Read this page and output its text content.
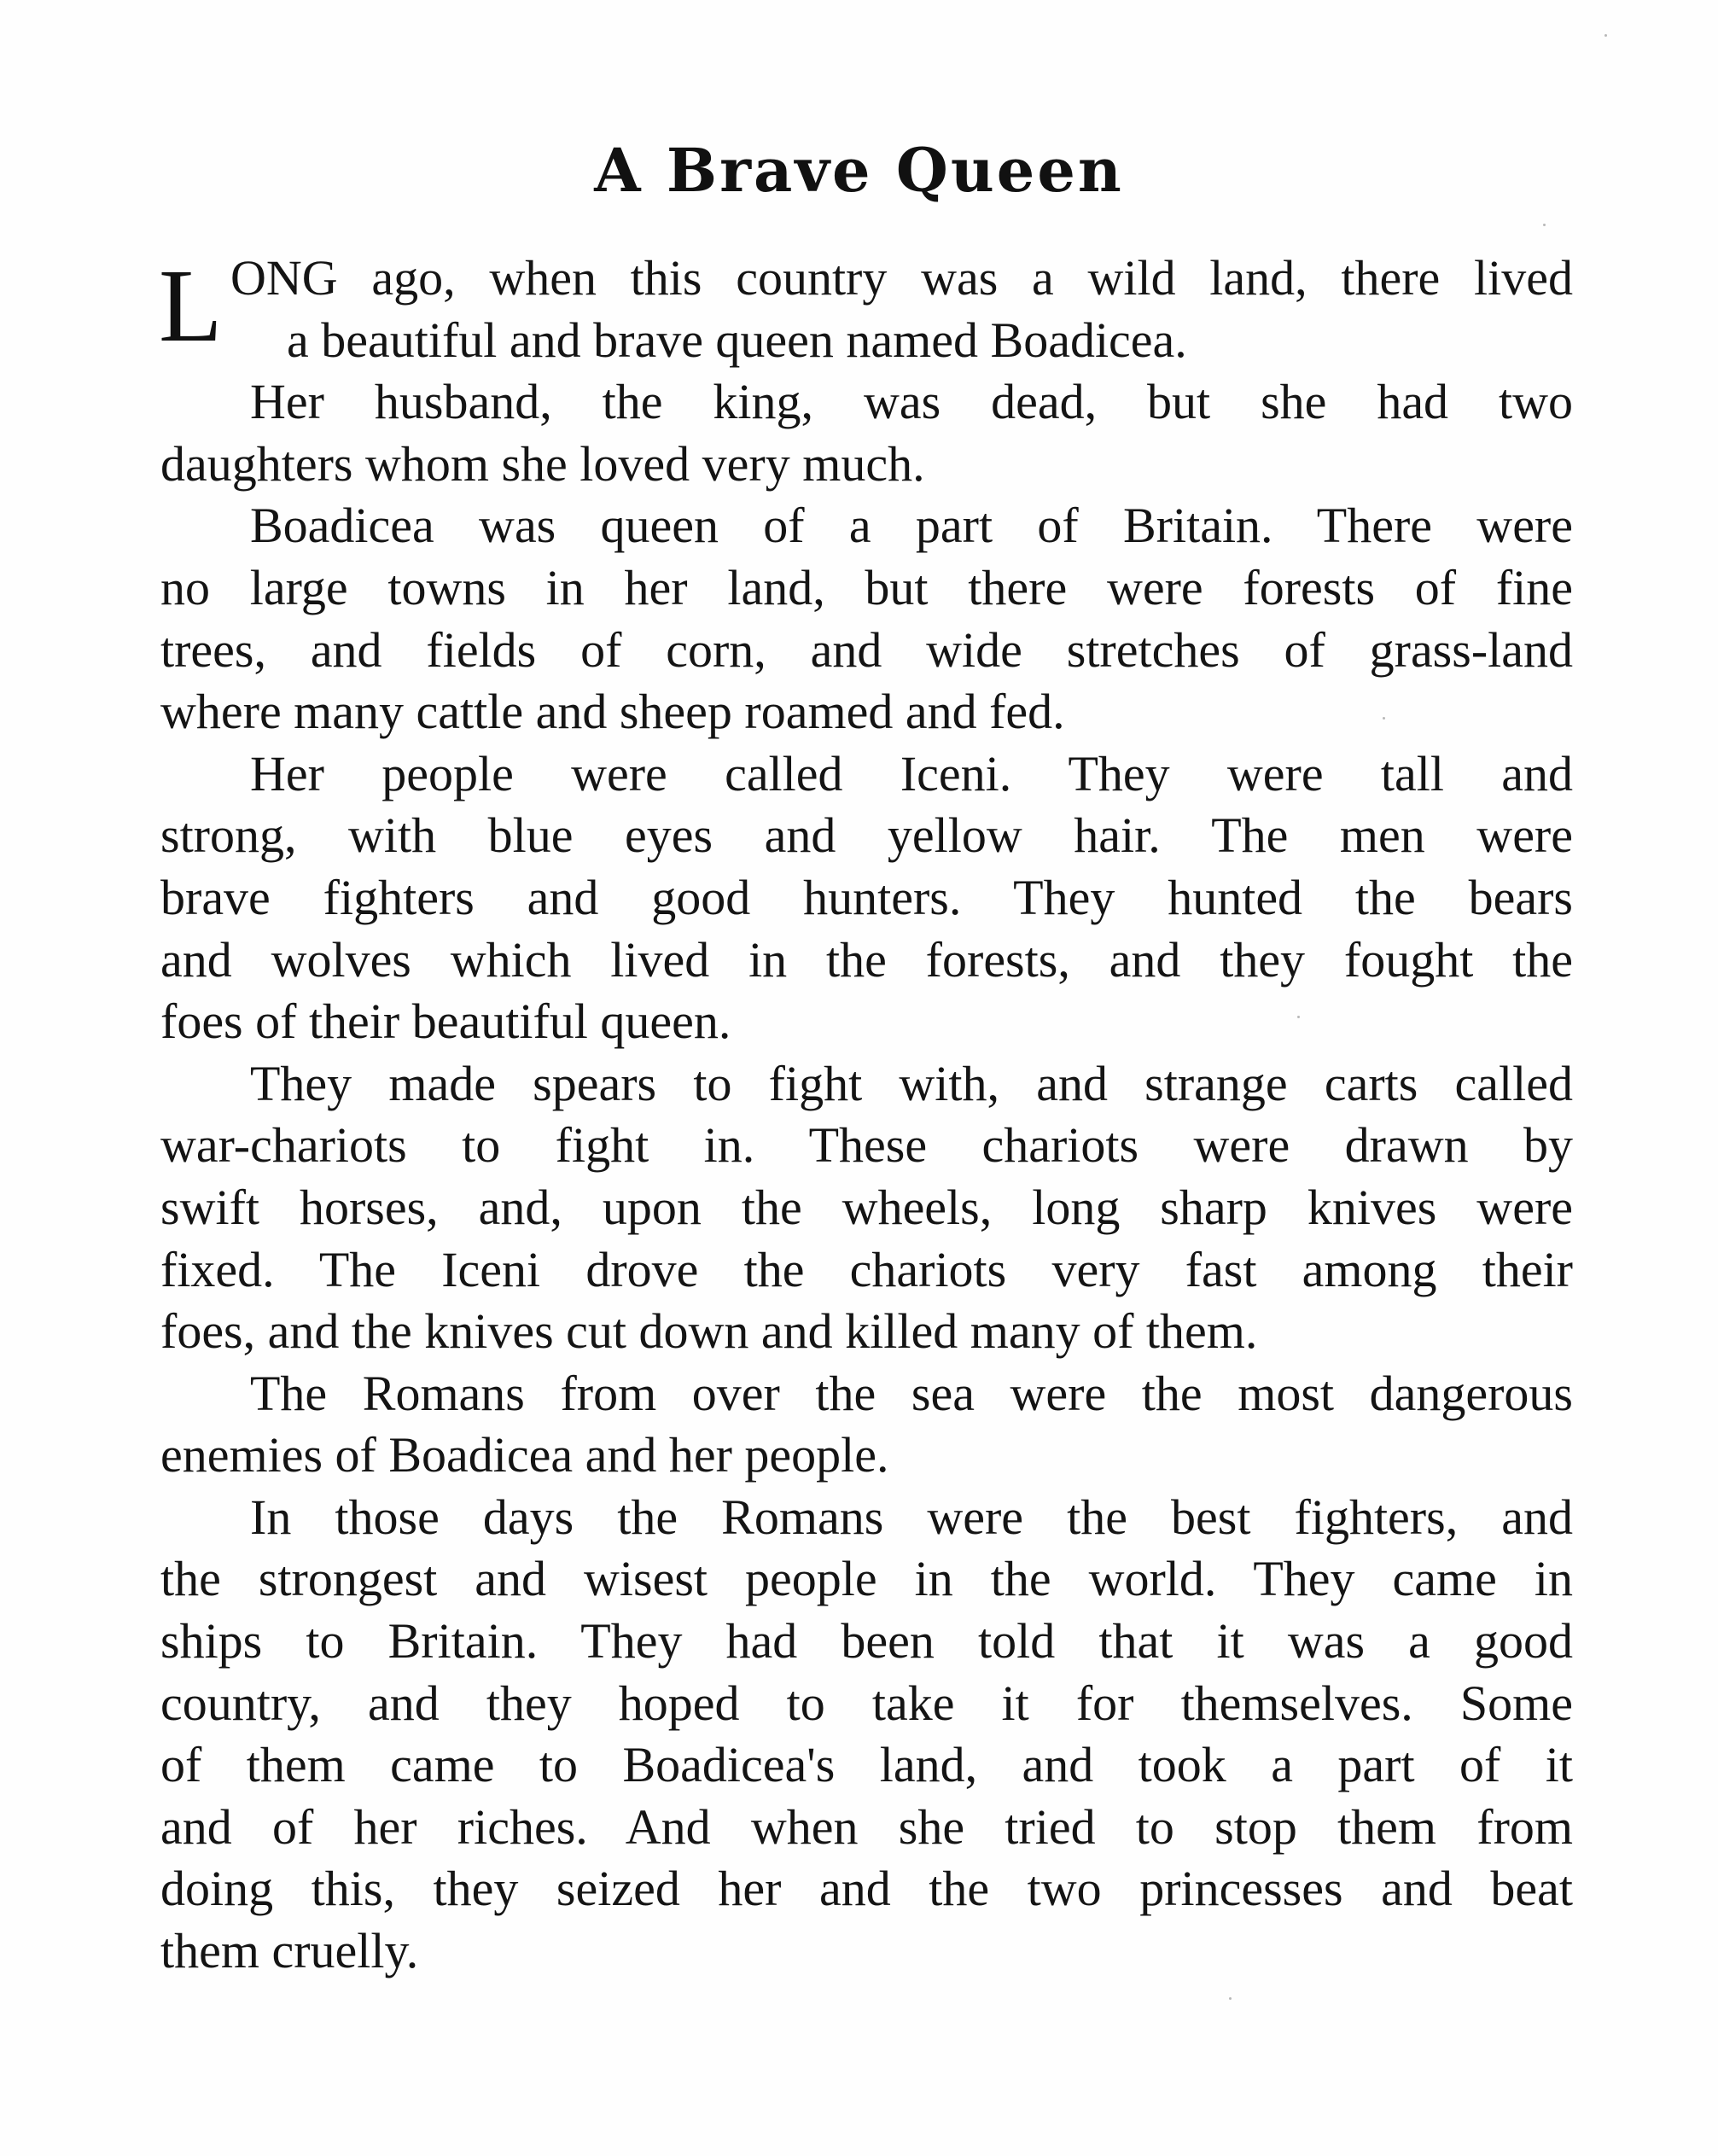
A Brave Queen
L ONG ago, when this country was a wild land, there lived
a beautiful and brave queen named Boadicea.
Her husband, the king, was dead, but she had two
daughters whom she loved very much.
Boadicea was queen of a part of Britain. There were
no large towns in her land, but there were forests of fine
trees, and fields of corn, and wide stretches of grass-land
where many cattle and sheep roamed and fed.
Her people were called Iceni. They were tall and
strong, with blue eyes and yellow hair. The men were
brave fighters and good hunters. They hunted the bears
and wolves which lived in the forests, and they fought the
foes of their beautiful queen.
They made spears to fight with, and strange carts called
war-chariots to fight in. These chariots were drawn by
swift horses, and, upon the wheels, long sharp knives were
fixed. The Iceni drove the chariots very fast among their
foes, and the knives cut down and killed many of them.
The Romans from over the sea were the most dangerous
enemies of Boadicea and her people.
In those days the Romans were the best fighters, and
the strongest and wisest people in the world. They came in
ships to Britain. They had been told that it was a good
country, and they hoped to take it for themselves. Some
of them came to Boadicea's land, and took a part of it
and of her riches. And when she tried to stop them from
doing this, they seized her and the two princesses and beat
them cruelly.
